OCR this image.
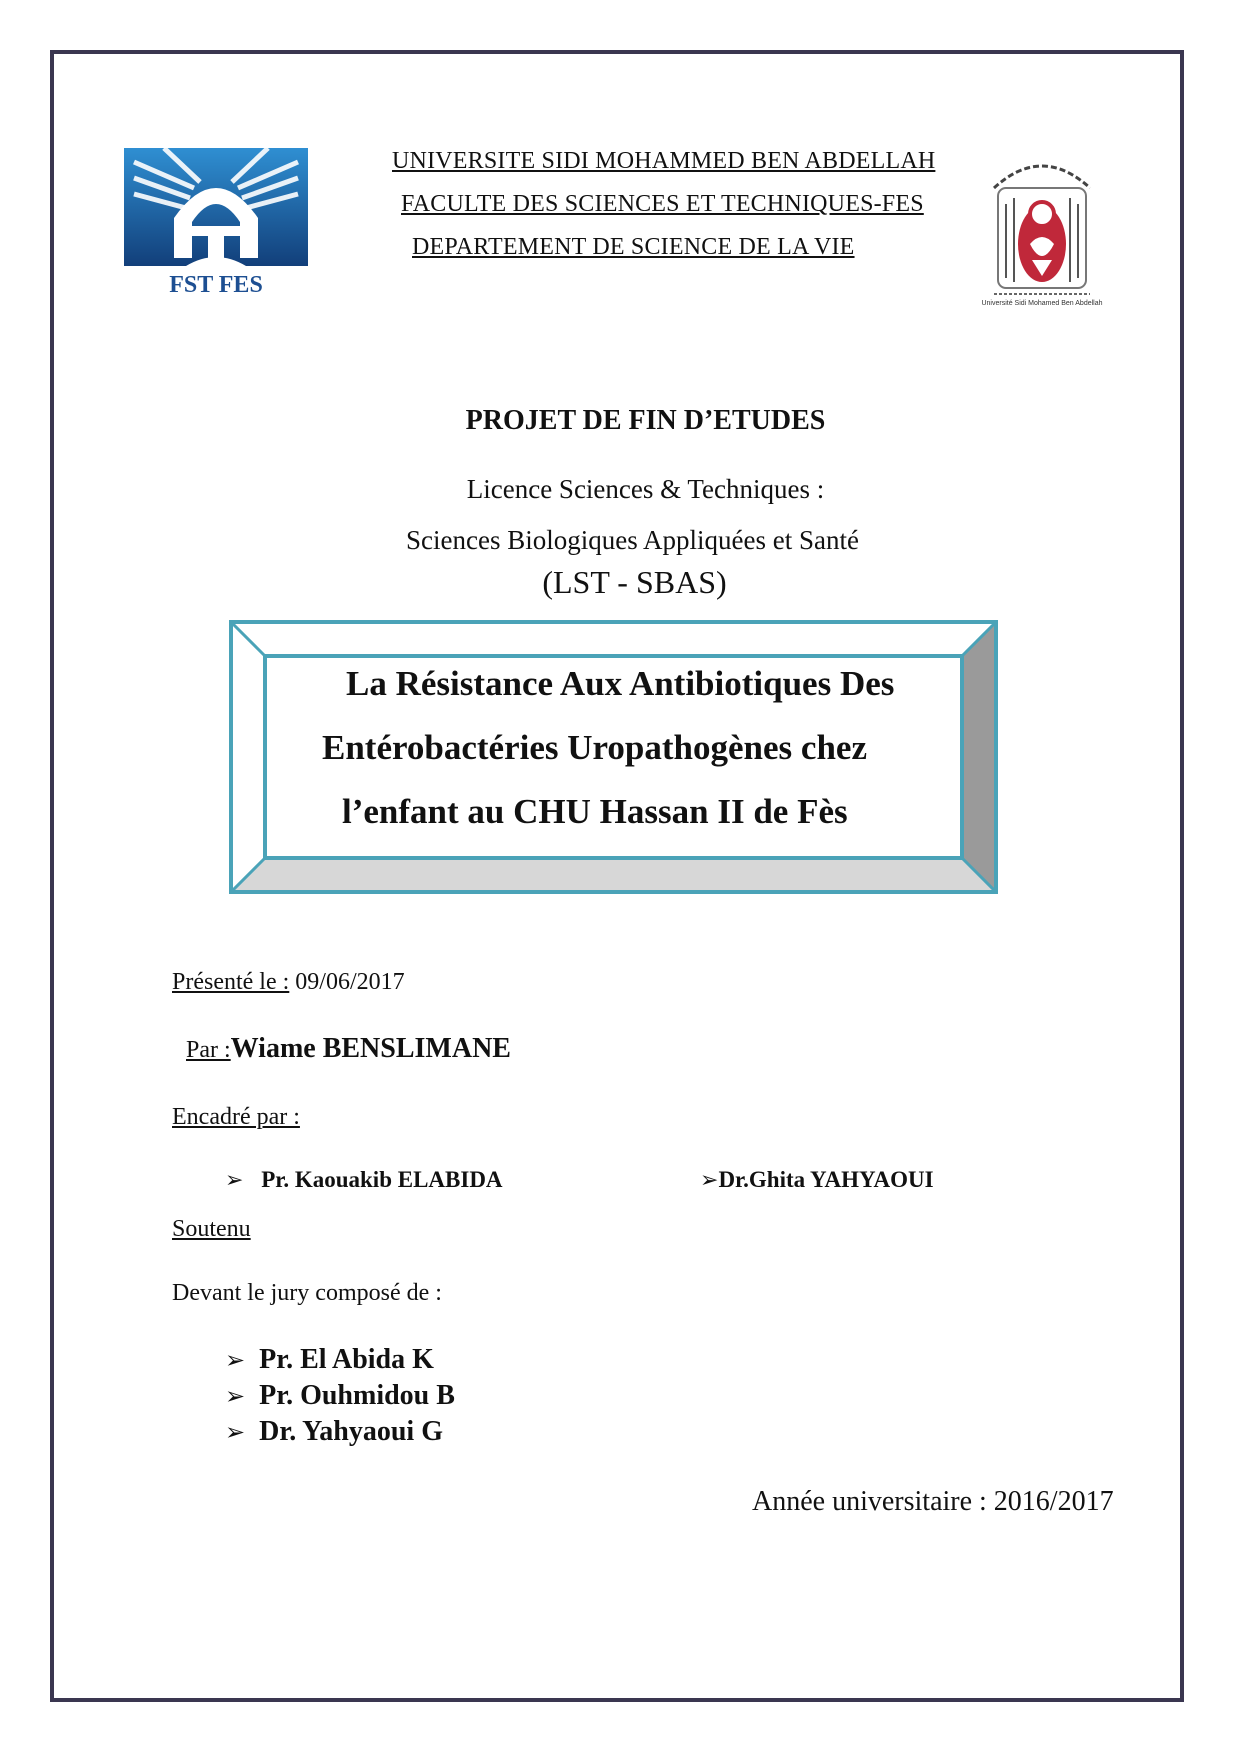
FST FES
UNIVERSITE SIDI MOHAMMED BEN ABDELLAH
FACULTE DES SCIENCES ET TECHNIQUES-FES
DEPARTEMENT DE SCIENCE DE LA VIE
Université Sidi Mohamed Ben Abdellah
PROJET DE FIN D’ETUDES
Licence Sciences & Techniques :
Sciences Biologiques Appliquées et Santé
(LST - SBAS)
La Résistance Aux Antibiotiques Des
Entérobactéries Uropathogènes chez
l’enfant au CHU Hassan II de Fès
Présenté le : 09/06/2017
Par :Wiame BENSLIMANE
Encadré par :
➢ Pr. Kaouakib ELABIDA	➢Dr.Ghita YAHYAOUI
Soutenu
Devant le jury composé de :
➢ Pr. El Abida K
➢ Pr. Ouhmidou B
➢ Dr. Yahyaoui G
Année universitaire : 2016/2017
